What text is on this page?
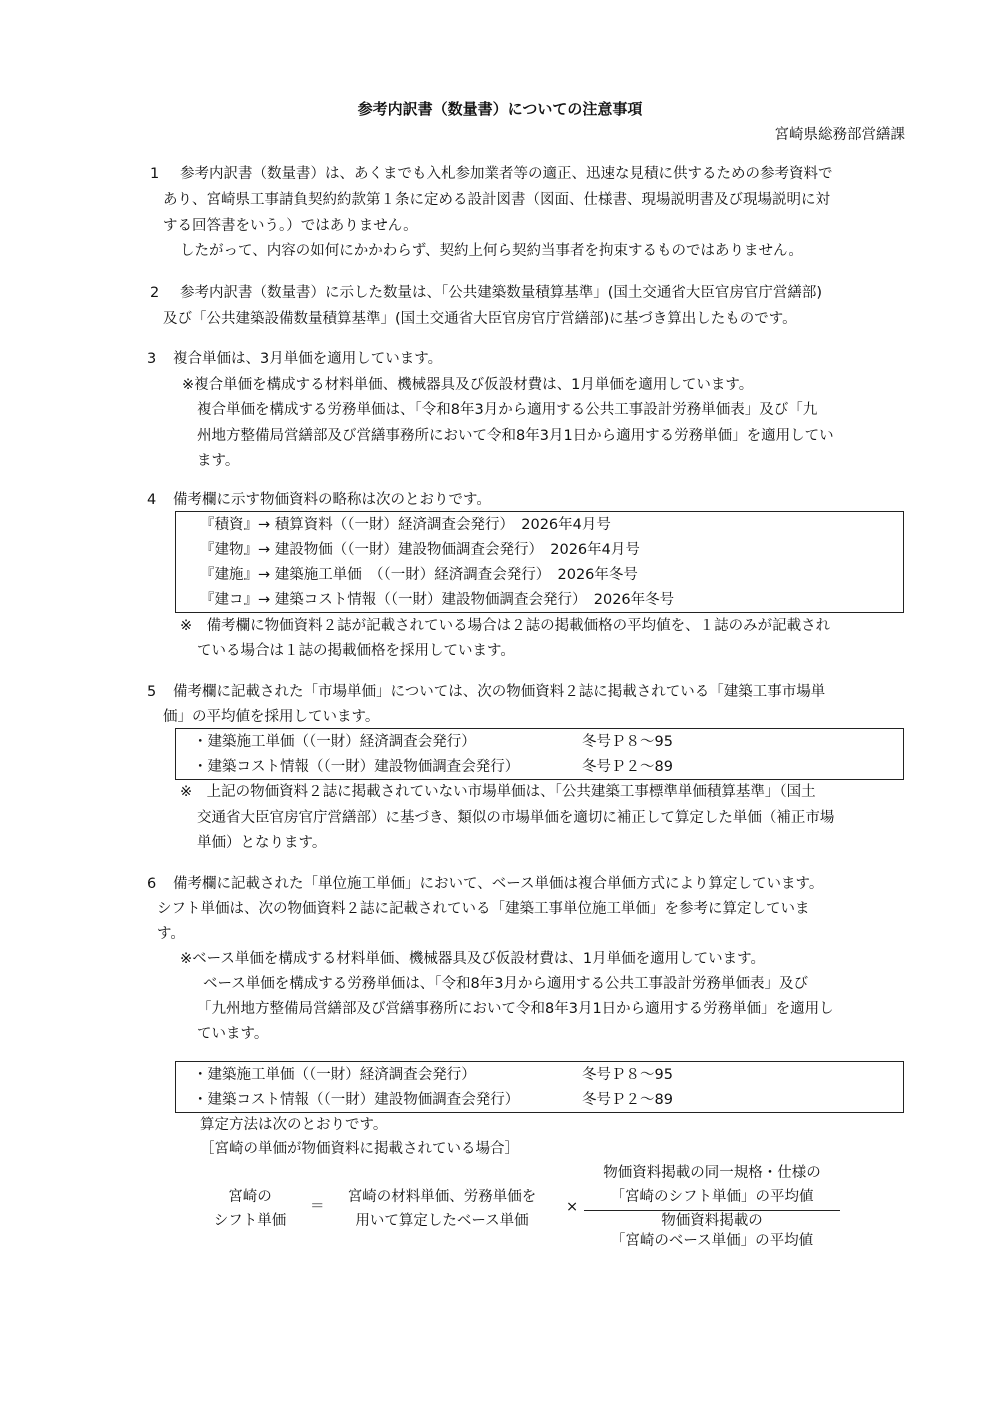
参考内訳書（数量書）についての注意事項
宮崎県総務部営繕課
1 参考内訳書（数量書）は、あくまでも入札参加業者等の適正、迅速な見積に供するための参考資料で
あり、宮崎県工事請負契約約款第１条に定める設計図書（図面、仕様書、現場説明書及び現場説明に対
する回答書をいう。）ではありません。
したがって、内容の如何にかかわらず、契約上何ら契約当事者を拘束するものではありません。
2 参考内訳書（数量書）に示した数量は、「公共建築数量積算基準」(国土交通省大臣官房官庁営繕部)
及び「公共建築設備数量積算基準」(国土交通省大臣官房官庁営繕部)に基づき算出したものです。
3 複合単価は、3月単価を適用しています。
※複合単価を構成する材料単価、機械器具及び仮設材費は、1月単価を適用しています。
複合単価を構成する労務単価は、「令和8年3月から適用する公共工事設計労務単価表」及び「九
州地方整備局営繕部及び営繕事務所において令和8年3月1日から適用する労務単価」を適用してい
ます。
4 備考欄に示す物価資料の略称は次のとおりです。
『積資』→ 積算資料（（一財）経済調査会発行）　2026年4月号
『建物』→ 建設物価（（一財）建設物価調査会発行）　2026年4月号
『建施』→ 建築施工単価　（（一財）経済調査会発行）　2026年冬号
『建コ』→ 建築コスト情報（（一財）建設物価調査会発行）　2026年冬号
※　備考欄に物価資料２誌が記載されている場合は２誌の掲載価格の平均値を、１誌のみが記載され
ている場合は１誌の掲載価格を採用しています。
5 備考欄に記載された「市場単価」については、次の物価資料２誌に掲載されている「建築工事市場単
価」の平均値を採用しています。
・建築施工単価（（一財）経済調査会発行）	冬号Ｐ８～95
・建築コスト情報（（一財）建設物価調査会発行）	冬号Ｐ２～89
※　上記の物価資料２誌に掲載されていない市場単価は、「公共建築工事標準単価積算基準」（国土
交通省大臣官房官庁営繕部）に基づき、類似の市場単価を適切に補正して算定した単価（補正市場
単価）となります。
6 備考欄に記載された「単位施工単価」において、ベース単価は複合単価方式により算定しています。
シフト単価は、次の物価資料２誌に記載されている「建築工事単位施工単価」を参考に算定していま
す。
※ベース単価を構成する材料単価、機械器具及び仮設材費は、1月単価を適用しています。
ベース単価を構成する労務単価は、「令和8年3月から適用する公共工事設計労務単価表」及び
「九州地方整備局営繕部及び営繕事務所において令和8年3月1日から適用する労務単価」を適用し
ています。
・建築施工単価（（一財）経済調査会発行）	冬号Ｐ８～95
・建築コスト情報（（一財）建設物価調査会発行）	冬号Ｐ２～89
算定方法は次のとおりです。
［宮崎の単価が物価資料に掲載されている場合］
宮崎の
シフト単価
＝
宮崎の材料単価、労務単価を
用いて算定したベース単価
×
物価資料掲載の同一規格・仕様の
「宮崎のシフト単価」の平均値
物価資料掲載の
「宮崎のベース単価」の平均値
